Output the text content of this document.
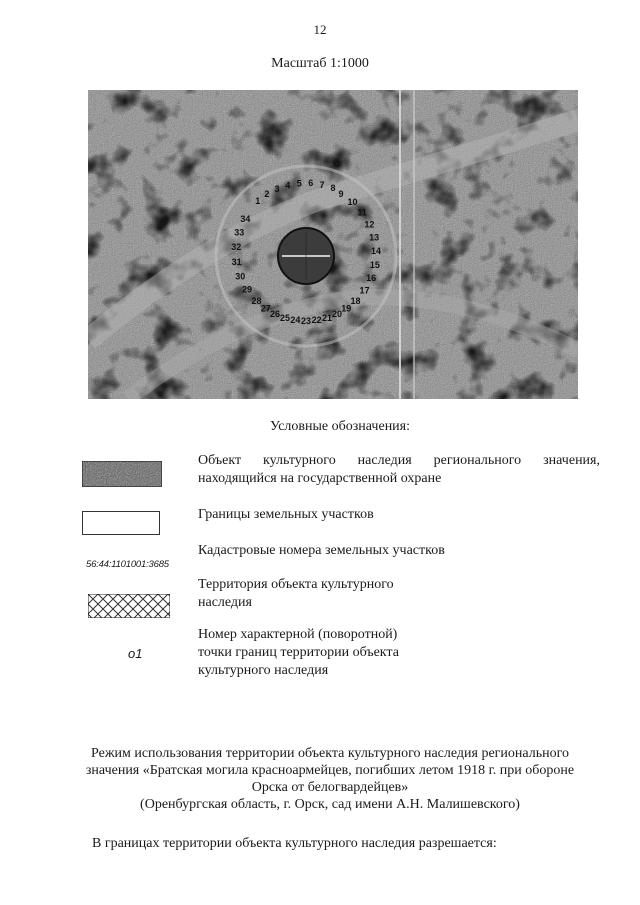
12
Масштаб 1:1000
1
2
3 4 5 6 7 8
9
10
11
12
13
14
15
16
17
18
19
20
21
22
23
24
25
26
27
28
29
30
31
32
33
34
Условные обозначения:
56:44:1101001:3685
о1
Объект культурного наследия регионального значения, находящийся на государственной охране
Границы земельных участков
Кадастровые номера земельных участков
Территория объекта культурного наследия
Номер характерной (поворотной) точки границ территории объекта культурного наследия
Режим использования территории объекта культурного наследия регионального
значения «Братская могила красноармейцев, погибших летом 1918 г. при обороне
Орска от белогвардейцев»
(Оренбургская область, г. Орск, сад имени А.Н. Малишевского)
В границах территории объекта культурного наследия разрешается:
